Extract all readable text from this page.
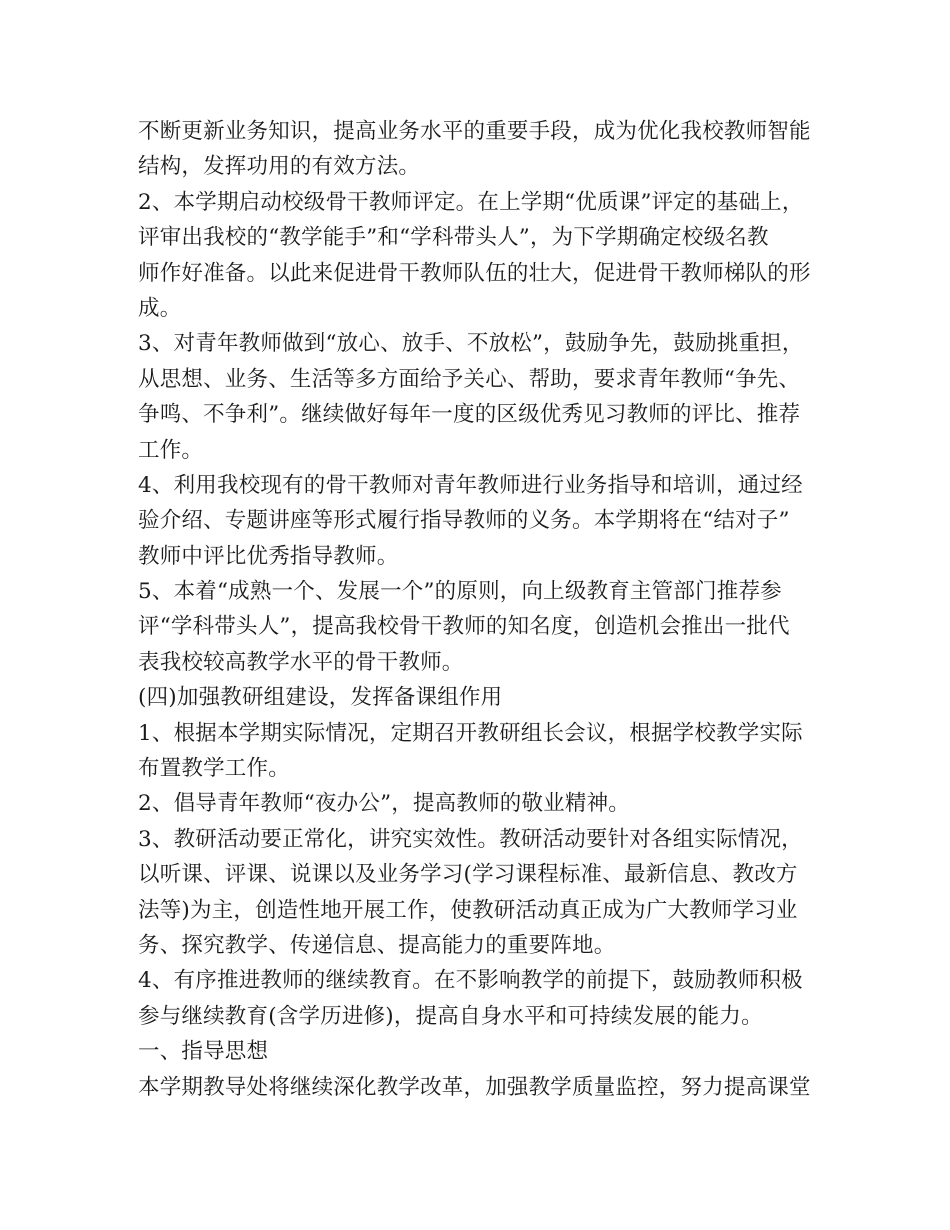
不断更新业务知识，提高业务水平的重要手段，成为优化我校教师智能
结构，发挥功用的有效方法。
2、本学期启动校级骨干教师评定。在上学期“优质课”评定的基础上，
评审出我校的“教学能手”和“学科带头人”，为下学期确定校级名教
师作好准备。以此来促进骨干教师队伍的壮大，促进骨干教师梯队的形
成。
3、对青年教师做到“放心、放手、不放松”，鼓励争先，鼓励挑重担，
从思想、业务、生活等多方面给予关心、帮助，要求青年教师“争先、
争鸣、不争利”。继续做好每年一度的区级优秀见习教师的评比、推荐
工作。
4、利用我校现有的骨干教师对青年教师进行业务指导和培训，通过经
验介绍、专题讲座等形式履行指导教师的义务。本学期将在“结对子”
教师中评比优秀指导教师。
5、本着“成熟一个、发展一个”的原则，向上级教育主管部门推荐参
评“学科带头人”，提高我校骨干教师的知名度，创造机会推出一批代
表我校较高教学水平的骨干教师。
(四)加强教研组建设，发挥备课组作用
1、根据本学期实际情况，定期召开教研组长会议，根据学校教学实际
布置教学工作。
2、倡导青年教师“夜办公”，提高教师的敬业精神。
3、教研活动要正常化，讲究实效性。教研活动要针对各组实际情况，
以听课、评课、说课以及业务学习(学习课程标准、最新信息、教改方
法等)为主，创造性地开展工作，使教研活动真正成为广大教师学习业
务、探究教学、传递信息、提高能力的重要阵地。
4、有序推进教师的继续教育。在不影响教学的前提下，鼓励教师积极
参与继续教育(含学历进修)，提高自身水平和可持续发展的能力。
一、指导思想
本学期教导处将继续深化教学改革，加强教学质量监控，努力提高课堂
